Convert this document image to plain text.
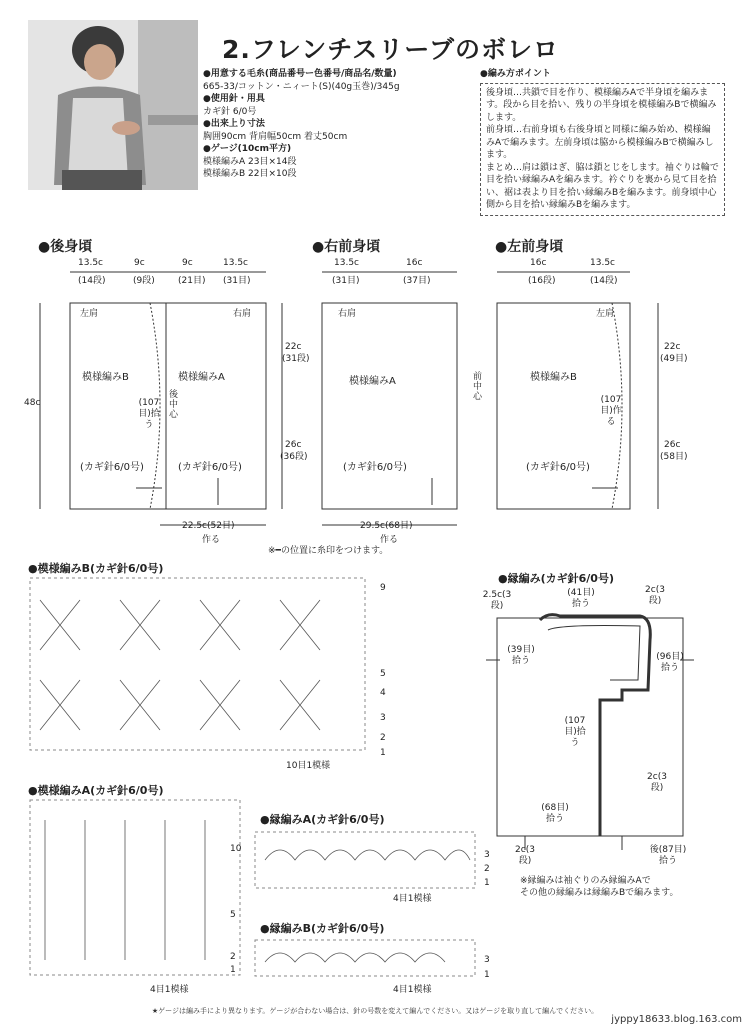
2.フレンチスリーブのボレロ
●用意する毛糸(商品番号ー色番号/商品名/数量)
665-33/コットン・ニィート(S)(40g玉巻)/345g
●使用針・用具
カギ針 6/0号
●出来上り寸法
胸囲90cm 背肩幅50cm 着丈50cm
●ゲージ(10cm平方)
模様編みA 23目×14段
模様編みB 22目×10段
●編み方ポイント
後身頃…共鎖で目を作り、模様編みAで半身頃を編みます。段から目を拾い、残りの半身頃を模様編みBで横編みします。
前身頃…右前身頃も右後身頃と同様に編み始め、模様編みAで編みます。左前身頃は脇から模様編みBで横編みします。
まとめ…肩は鎖はぎ、脇は鎖とじをします。袖ぐりは輪で目を拾い縁編みAを編みます。衿ぐりを裏から見て目を拾い、裾は表より目を拾い縁編みBを編みます。前身頃中心側から目を拾い縁編みBを編みます。
●後身頃	●右前身頃	●左前身頃
13.5c	9c	9c	13.5c
(14段)	(9段)	(21目) (31目)
左肩	右肩
模様編みB	模様編みA
後中心
(107目)拾う
(カギ針6/0号)	(カギ針6/0号)
48c
22c
(31段)
26c
(36段)
22.5c(52目)
作る
13.5c	16c
(31目)	(37目)
右肩
模様編みA
(カギ針6/0号)
29.5c(68目)
作る
前中心
16c	13.5c
(16段)	(14段)
左肩
模様編みB
(107目)作る
(カギ針6/0号)
22c
(49目)
26c
(58目)
※━の位置に糸印をつけます。
●模様編みB(カギ針6/0号)
9
5
4
3
2
1
10目1模様
●模様編みA(カギ針6/0号)
10
5
2
1
4目1模様
●縁編みA(カギ針6/0号)
3
2
1
4目1模様
●縁編みB(カギ針6/0号)
3
1
4目1模様
●縁編み(カギ針6/0号)
2.5c(3段)
(41目)拾う
2c(3段)
(39目)拾う	(96目)拾う
(107目)拾う
2c(3段)
(68目)拾う
2c(3段)
後(87目)拾う
※縁編みは袖ぐりのみ縁編みAで
その他の縁編みは縁編みBで編みます。
★ゲージは編み手により異なります。ゲージが合わない場合は、針の号数を変えて編んでください。又はゲージを取り直して編んでください。
jyppy18633.blog.163.com
